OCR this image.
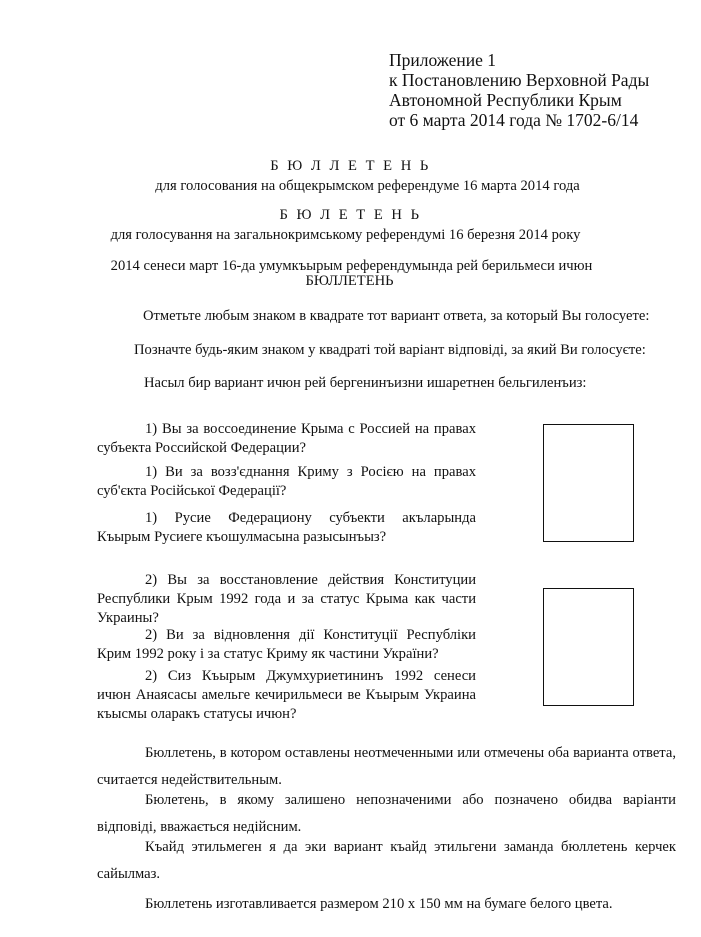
Приложение 1
к Постановлению Верховной Рады
Автономной Республики Крым
от 6 марта 2014 года № 1702-6/14
Б Ю Л Л Е Т Е Н Ь
для голосования на общекрымском референдуме 16 марта 2014 года
Б Ю Л Е Т Е Н Ь
для голосування на загальнокримському референдумі 16 березня 2014 року
2014 сенеси март 16-да умумкъырым референдумында рей берильмеси ичюн
БЮЛЛЕТЕНЬ
Отметьте любым знаком в квадрате тот вариант ответа, за который Вы голосуете:
Позначте будь-яким знаком у квадраті той варіант відповіді, за який Ви голосуєте:
Насыл бир вариант ичюн рей бергенинъизни ишаретнен бельгиленъиз:
1) Вы за воссоединение Крыма с Россией на правах субъекта Российской Федерации?
1) Ви за возз'єднання Криму з Росією на правах суб'єкта Російської Федерації?
1) Русие Федерациону субъекти акъларында Къырым Русиеге къошулмасына разысынъыз?
2) Вы за восстановление действия Конституции Республики Крым 1992 года и за статус Крыма как части Украины?
2) Ви за відновлення дії Конституції Республіки Крим 1992 року і за статус Криму як частини України?
2) Сиз Къырым Джумхуриетининъ 1992 сенеси ичюн Анаясасы амельге кечирильмеси ве Къырым Украина къысмы оларакъ статусы ичюн?
Бюллетень, в котором оставлены неотмеченными или отмечены оба варианта ответа, считается недействительным.
Бюлетень, в якому залишено непозначеними або позначено обидва варіанти відповіді, вважається недійсним.
Къайд этильмеген я да эки вариант къайд этильгени заманда бюллетень керчек сайылмаз.
Бюллетень изготавливается размером 210 х 150 мм на бумаге белого цвета.
